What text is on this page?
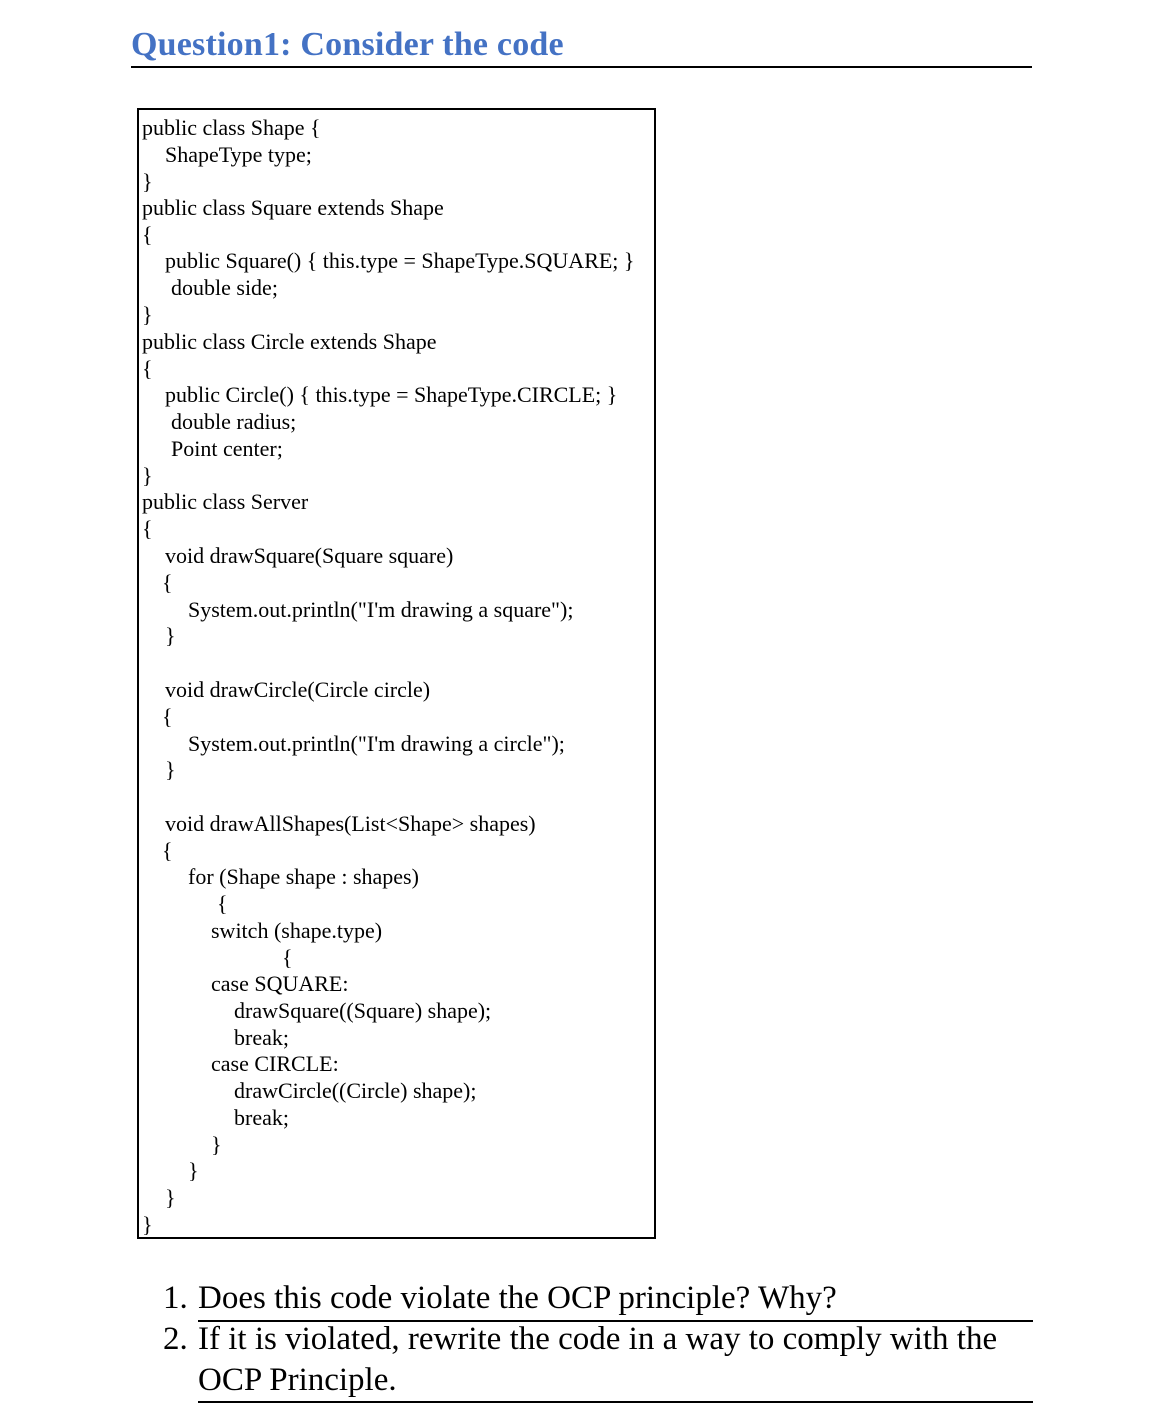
Question1: Consider the code
public class Shape {
ShapeType type;
}
public class Square extends Shape
{
public Square() { this.type = ShapeType.SQUARE; }
double side;
}
public class Circle extends Shape
{
public Circle() { this.type = ShapeType.CIRCLE; }
double radius;
Point center;
}
public class Server
{
void drawSquare(Square square)
{
System.out.println("I'm drawing a square");
}
void drawCircle(Circle circle)
{
System.out.println("I'm drawing a circle");
}
void drawAllShapes(List<Shape> shapes)
{
for (Shape shape : shapes)
{
switch (shape.type)
{
case SQUARE:
drawSquare((Square) shape);
break;
case CIRCLE:
drawCircle((Circle) shape);
break;
}
}
}
}
1. Does this code violate the OCP principle? Why?
2. If it is violated, rewrite the code in a way to comply with the
OCP Principle.
